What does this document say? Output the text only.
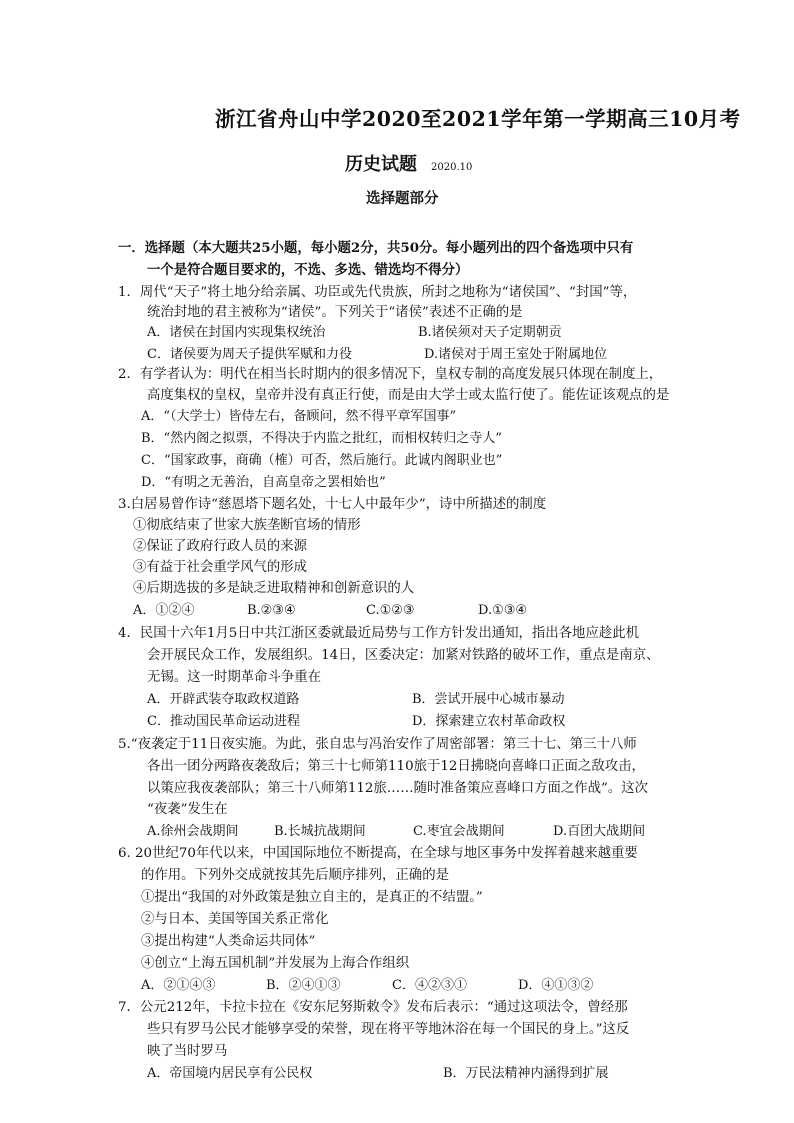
浙江省舟山中学2020至2021学年第一学期高三10月考
历史试题 2020.10
选择题部分
一．选择题（本大题共25小题，每小题2分，共50分。每小题列出的四个备选项中只有
一个是符合题目要求的，不选、多选、错选均不得分）
1．周代“天子”将土地分给亲属、功臣或先代贵族，所封之地称为“诸侯国”、“封国”等，
统治封地的君主被称为“诸侯”。下列关于“诸侯”表述不正确的是
A．诸侯在封国内实现集权统治	B.诸侯须对天子定期朝贡
C．诸侯要为周天子提供军赋和力役	D.诸侯对于周王室处于附属地位
2．有学者认为：明代在相当长时期内的很多情况下，皇权专制的高度发展只体现在制度上，
高度集权的皇权，皇帝并没有真正行使，而是由大学士或太监行使了。能佐证该观点的是
A．“（大学士）皆侍左右，备顾问，然不得平章军国事”
B．“然内阁之拟票，不得决于内监之批红，而相权转归之寺人”
C．“国家政事，商确（榷）可否，然后施行。此诚内阁职业也”
D．“有明之无善治，自高皇帝之罢相始也”
3.白居易曾作诗“慈恩塔下题名处，十七人中最年少”，诗中所描述的制度
①彻底结束了世家大族垄断官场的情形
②保证了政府行政人员的来源
③有益于社会重学风气的形成
④后期选拔的多是缺乏进取精神和创新意识的人
A．①②④	B.②③④	C.①②③	D.①③④
4．民国十六年1月5日中共江浙区委就最近局势与工作方针发出通知，指出各地应趁此机
会开展民众工作，发展组织。14日，区委决定：加紧对铁路的破坏工作，重点是南京、
无锡。这一时期革命斗争重在
A．开辟武装夺取政权道路	B．尝试开展中心城市暴动
C．推动国民革命运动进程	D．探索建立农村革命政权
5.“夜袭定于11日夜实施。为此，张自忠与冯治安作了周密部署：第三十七、第三十八师
各出一团分两路夜袭敌后；第三十七师第110旅于12日拂晓向喜峰口正面之敌攻击，
以策应我夜袭部队；第三十八师第112旅……随时准备策应喜峰口方面之作战”。这次
“夜袭”发生在
A.徐州会战期间	B.长城抗战期间	C.枣宜会战期间	D.百团大战期间
6. 20世纪70年代以来，中国国际地位不断提高，在全球与地区事务中发挥着越来越重要
的作用。下列外交成就按其先后顺序排列，正确的是
①提出“我国的对外政策是独立自主的，是真正的不结盟。”
②与日本、美国等国关系正常化
③提出构建“人类命运共同体”
④创立“上海五国机制”并发展为上海合作组织
A．②①④③	B．②④①③	C．④②③①	D．④①③②
7．公元212年，卡拉卡拉在《安东尼努斯敕令》发布后表示：“通过这项法令，曾经那
些只有罗马公民才能够享受的荣誉，现在将平等地沐浴在每一个国民的身上。”这反
映了当时罗马
A．帝国境内居民享有公民权	B．万民法精神内涵得到扩展
